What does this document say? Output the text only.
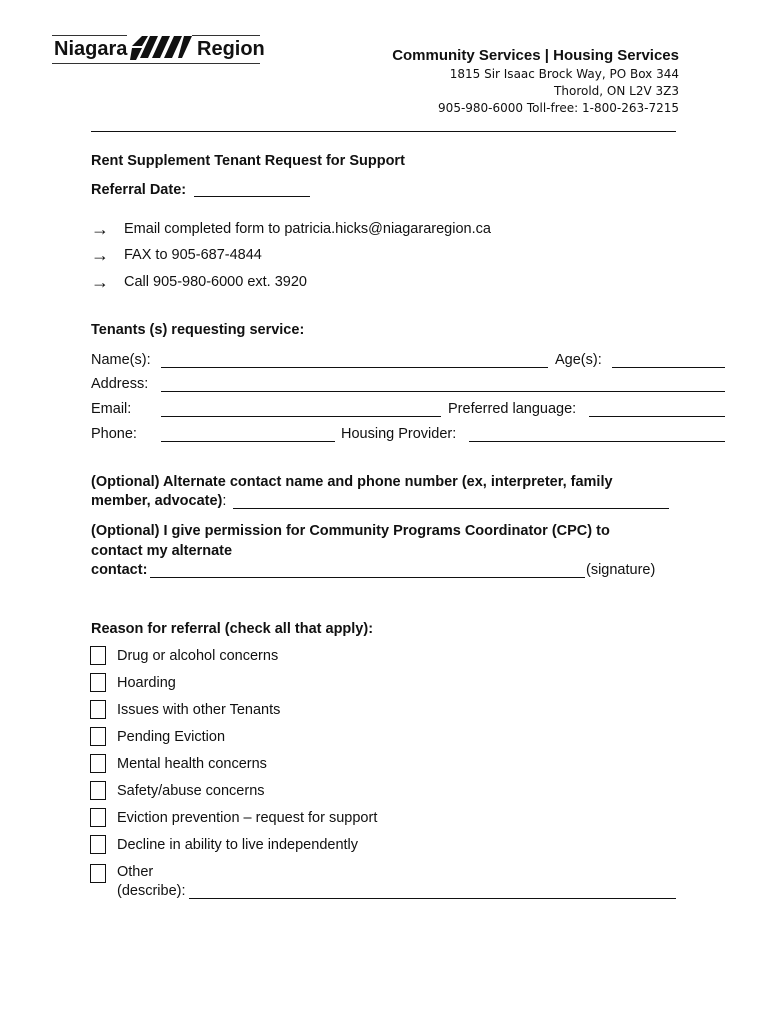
Niagara	Region	Community Services | Housing Services
1815 Sir Isaac Brock Way, PO Box 344
Thorold, ON L2V 3Z3
905-980-6000 Toll-free: 1-800-263-7215
Rent Supplement Tenant Request for Support
Referral Date:
→ Email completed form to patricia.hicks@niagararegion.ca
→ FAX to 905-687-4844
→ Call 905-980-6000 ext. 3920
Tenants (s) requesting service:
Name(s):	Age(s):
Address:
Email:	Preferred language:
Phone:	Housing Provider:
(Optional) Alternate contact name and phone number (ex, interpreter, family
member, advocate):
(Optional) I give permission for Community Programs Coordinator (CPC) to
contact my alternate
contact:	(signature)
Reason for referral (check all that apply):
Drug or alcohol concerns
Hoarding
Issues with other Tenants
Pending Eviction
Mental health concerns
Safety/abuse concerns
Eviction prevention – request for support
Decline in ability to live independently
Other
(describe):
